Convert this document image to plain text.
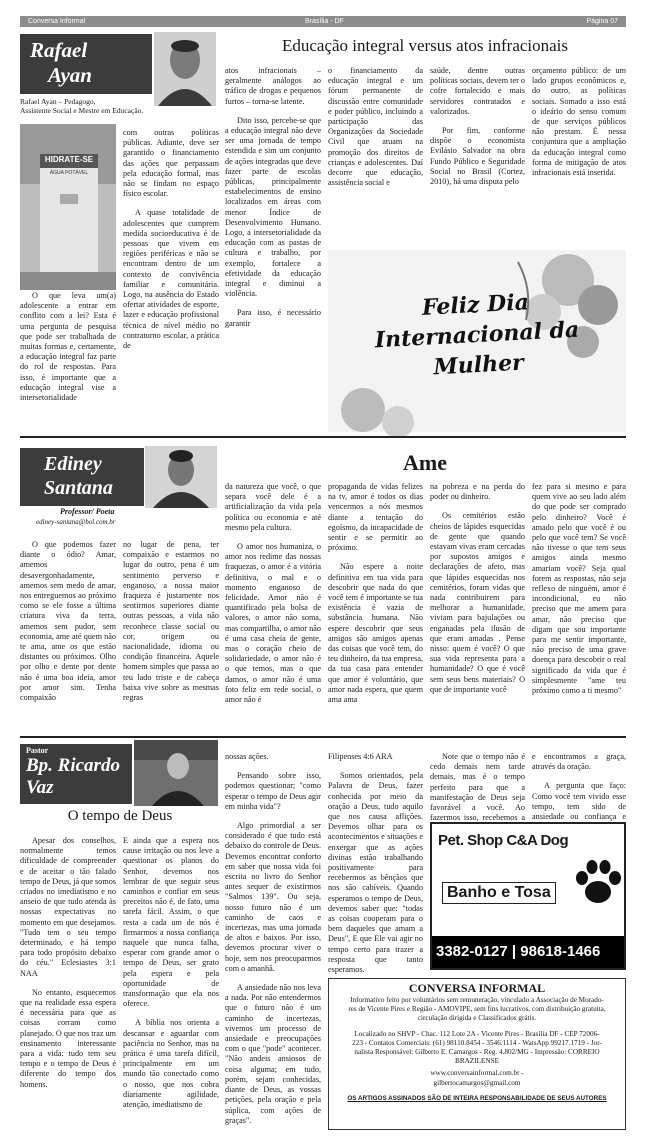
Conversa Informal	Brasília - DF	Página 07
Rafael
Ayan
Rafael Ayan – Pedagogo,
Assistente Social e Mestre em Educação.
Educação integral versus atos infracionais
HIDRATE-SE
ÁGUA POTÁVEL

O que leva um(a) adolescente a entrar em conflito com a lei? Esta é uma pergunta de pesquisa que pode ser trabalhada de muitas formas e, certamente, a educação integral faz parte do rol de respostas. Para isso, é importante que a educação integral vise a intersetorialidade

com outras políticas públicas. Adiante, deve ser garantido o financiamento das ações que perpassam pela educação formal, mas não se findam no espaço físico escolar.

A quase totalidade de adolescentes que cumprem medida socioeducativa é de pessoas que vivem em regiões periféricas e não se encontram dentro de um contexto de convivência familiar e comunitária. Logo, na ausência do Estado ofertar atividades de esporte, lazer e educação profissional técnica de nível médio no contraturno escolar, a prática de

atos infracionais – geralmente análogos ao tráfico de drogas e pequenos furtos – torna-se latente.

Dito isso, percebe-se que a educação integral não deve ser uma jornada de tempo estendida e sim um conjunto de ações integradas que deve fazer parte de escolas públicas, principalmente estabelecimentos de ensino localizados em áreas com menor Índice de Desenvolvimento Humano. Logo, a intersetorialidade da educação com as pastas de cultura e trabalho, por exemplo, fortalece a efetividade da educação integral e diminui a violência.

Para isso, é necessário garantir

o financiamento da educação integral e um fórum permanente de discussão entre comunidade e poder público, incluindo a participação das Organizações da Sociedade Civil que atuam na promoção dos direitos de crianças e adolescentes. Daí decorre que educação, assistência social e

saúde, dentre outras políticas sociais, devem ter o cofre fortalecido e mais servidores contratados e valorizados.

Por fim, conforme dispõe o economista Evilásio Salvador na obra Fundo Público e Seguridade Social no Brasil (Cortez, 2010), há uma disputa pelo

orçamento público: de um lado grupos econômicos e, do outro, as políticas sociais. Somado a isso está o ideário do senso comum de que serviços públicos não prestam. É nessa conjuntura que a ampliação da educação integral como forma de mitigação de atos infracionais está inserida.

Feliz Dia
Internacional da
Mulher
Ediney
Santana
Professor/ Poeta
ediney-santana@bol.com.br
Ame

O que podemos fazer diante o ódio? Amar, amemos desavergonhadamente, amemos sem medo de amar, nos entreguemos ao próximo como se ele fosse a última criatura viva da terra, amemos sem pudor, sem economia, ame até quem não te ama, ame os que estão distantes ou próximos. Olho por olho e dente por dente não é uma boa ideia, amor por amor sim. Tenha compaixão

no lugar de pena, ter compaixão e estarmos no lugar do outro, pena é um sentimento perverso e enganoso, a nossa maior fraqueza é justamente nos sentirmos superiores diante outras pessoas, a vida não reconhece classe social ou cor, origem ou nacionalidade, idioma ou condição financeira. Aquele homem simples que passa ao teu lado triste e de cabeça baixa vive sobre as mesmas regras

da natureza que você, o que separa você dele é a artificialização da vida pela política ou economia e até mesmo pela cultura.

O amor nos humaniza, o amor nos redime das nossas fraquezas, o amor é a vitória definitiva, o mal e o momento enganoso de felicidade. Amor não é quantificado pela bolsa de valores, o amor não soma, mas compartilha, o amor não é uma casa cheia de gente, mas o coração cheio de solidariedade, o amor não é o que temos, mas o que damos, o amor não é uma foto feliz em rede social, o amor não é

propaganda de vidas felizes na tv, amor é todos os dias vencermos a nós mesmos diante a tentação do egoísmo, da incapacidade de sentir e se permitir ao próximo.

Não espere a noite definitiva em tua vida para descobrir que nada do que você tem é importante se tua existência é vazia de substância humana. Não espere descobrir que seus amigos são amigos apenas das coisas que você tem, do teu dinheiro, da tua empresa, da tua casa para entender que amor é voluntário, que amor nada espera, que quem ama ama

na pobreza e na perda do poder ou dinheiro.

Os cemitérios estão cheios de lápides esquecidas de gente que quando estavam vivas eram cercadas por supostos amigos e declarações de afeto, mas que lápides esquecidas nos cemitérios, foram vidas que nada contribuirem para melhorar a humanidade, viviam para bajulações ou enganadas pela ilusão de que eram amadas . Pense nisso: quem é você? O que sua vida representa para a humanidade? O que é você sem seus bens materiais? O que de importante você

fez para si mesmo e para quem vive ao seu lado além do que pode ser comprado pelo dinheiro? Você é amado pelo que você é ou pelo que você tem? Se você não tivesse o que tem seus amigos ainda mesmo amariam você? Seja qual forem as respostas, não seja reflexo de ninguém, amor é incondicional, eu não preciso que me amem para amar, não preciso que digam que sou importante para me sentir importante, não preciso de uma grave doença para descobrir o real significado da vida que é simplesmente "ame teu próximo como a ti mesmo"

Pastor
Bp. Ricardo
Vaz
O tempo de Deus

Apesar dos conselhos, normalmente temos dificuldade de compreender e de aceitar o tão falado tempo de Deus, já que somos criados no imediatismo e no anseio de que tudo atenda às nossas expectativas no momento em que desejamos. "Tudo tem o seu tempo determinado, e há tempo para todo propósito debaixo do céu." Eclesiastes 3:1 NAA

No entanto, esquecemos que na realidade essa espera é necessária para que as coisas corram como planejado. O que nos traz um ensinamento interessante para a vida: tudo tem seu tempo e o tempo de Deus é diferente do tempo dos homens.

E ainda que a espera nos cause irritação ou nos leve a questionar os planos do Senhor, devemos nos lembrar de que seguir seus caminhos e confiar em seus preceitos não é, de fato, uma tarefa fácil. Assim, o que resta a cada um de nós é firmarmos a nossa confiança naquele que nunca falha, esperar com grande amor o tempo de Deus, ser grato pela espera e pela oportunidade de transformação que ela nos oferece.

A bíblia nos orienta a descansar e aguardar com paciência no Senhor, mas na prática é uma tarefa difícil, principalmente em um mundo tão conectado como o nosso, que nos cobra diariamente agilidade, atenção, imediatismo de

nossas ações.

Pensando sobre isso, podemos questionar; "como esperar o tempo de Deus agir em minha vida"?

Algo primordial a ser considerado é que tudo está debaixo do controle de Deus. Devemos encontrar conforto em saber que nossa vida foi escrita no livro do Senhor antes sequer de existirmos "Salmos 139". Ou seja, nosso futuro não é um caminho de caos e incertezas, mas uma jornada de altos e baixos. Por isso, devemos procurar viver o hoje, sem nos preocuparmos com o amanhã.

A ansiedade não nos leva a nada. Por não entendermos que o futuro não é um caminho de incertezas, vivemos um processo de ansiedade e preocupações com o que "pode" acontecer. "Não andeis ansiosos de coisa alguma; em tudo, porém, sejam conhecidas, diante de Deus, as vossas petições, pela oração e pela súplica, com ações de graças".

Filipenses 4:6 ARA

Somos orientados, pela Palavra de Deus, fazer conhecida por meio da oração a Deus, tudo aquilo que nos causa aflições. Devemos olhar para os acontecimentos e situações e enxergar que as ações divinas estão trabalhando positivamente para recebermos as bênçãos que nos são cabíveis. Quando esperamos o tempo de Deus, devemos saber que: "todas as coisas cooperam para o bem daqueles que amam a Deus", E que Ele vai agir no tempo certo para trazer a resposta que tanto esperamos.

Note que o tempo não é cedo demais nem tarde demais, mas é o tempo perfeito para que a manifestação de Deus seja favorável a você. Ao fazermos isso, recebemos a

e encontramos a graça, através da oração.

A pergunta que faço: Como você tem vivido esse tempo, tem sido de ansiedade ou confiança e

Pet. Shop C&A Dog
Banho e Tosa
3382-0127 | 98618-1466
CONVERSA INFORMAL
Informativo feito por voluntários sem remuneração, vinculado a Associação de Morado-
res de Vicente Pires e Região - AMOVIPE, sem fins lucrativos, com distribuição gratuita,
circulação dirigida e Classificados grátis.
Localizado no SHVP - Chac. 112 Lote 2A - Vicente Pires - Brasília DF - CEP 72006-
223 - Contatos Comerciais: (61) 98110.8454 - 3546.1114 - WatsApp 99217.1719 - Jor-
nalista Responsável: Gilberto E. Camargos - Reg. 4.802/MG - Impressão: CORREIO
BRAZILENSE
www.conversainformal.com.br -
gilbertocamargos@gmail.com
OS ARTIGOS ASSINADOS SÃO DE INTEIRA RESPONSABILIDADE DE SEUS AUTORES
